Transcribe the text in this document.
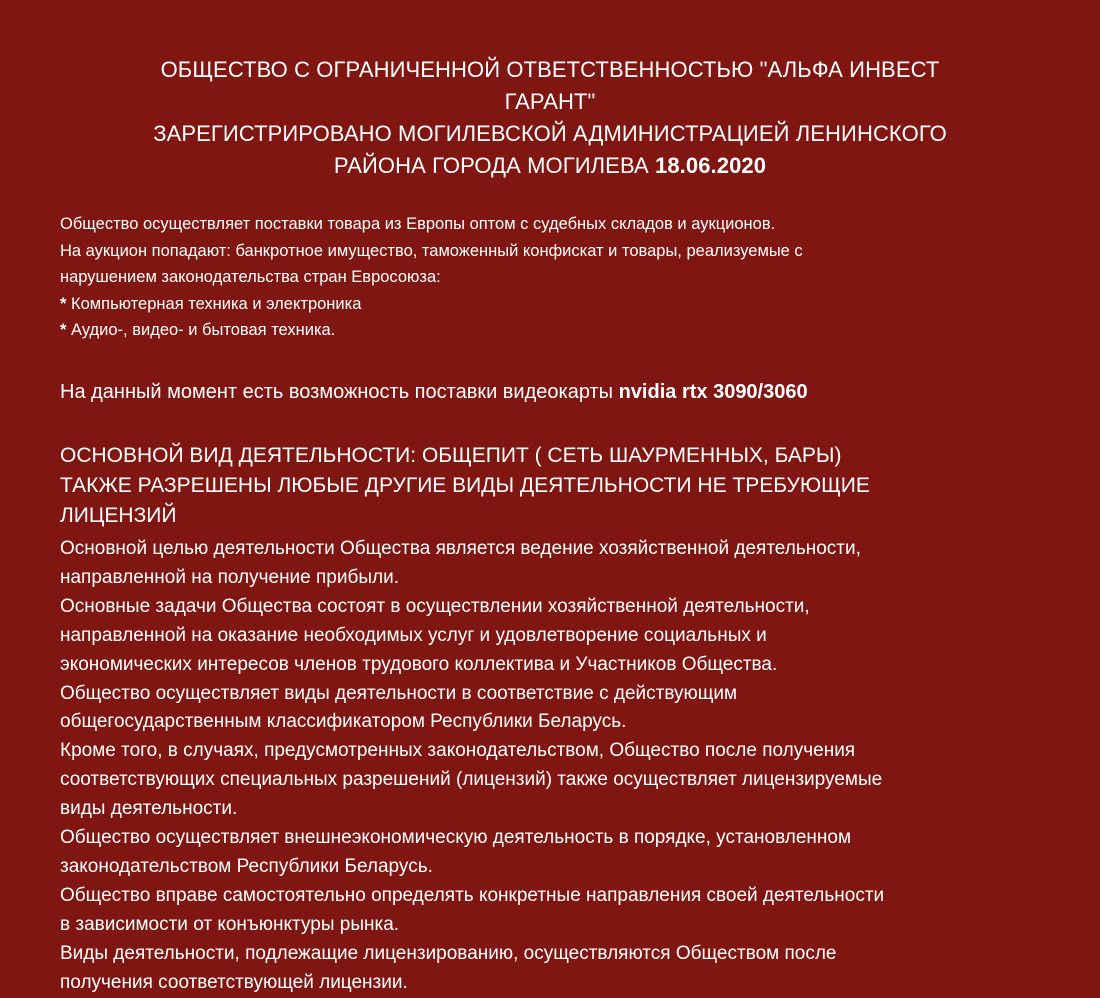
ОБЩЕСТВО С ОГРАНИЧЕННОЙ ОТВЕТСТВЕННОСТЬЮ "АЛЬФА ИНВЕСТ
ГАРАНТ"
ЗАРЕГИСТРИРОВАНО МОГИЛЕВСКОЙ АДМИНИСТРАЦИЕЙ ЛЕНИНСКОГО
РАЙОНА ГОРОДА МОГИЛЕВА 18.06.2020
Общество осуществляет поставки товара из Европы оптом с судебных складов и аукционов.
На аукцион попадают: банкротное имущество, таможенный конфискат и товары, реализуемые с
нарушением законодательства стран Евросоюза:
* Компьютерная техника и электроника
* Аудио-, видео- и бытовая техника.
На данный момент есть возможность поставки видеокарты nvidia rtx 3090/3060
ОСНОВНОЙ ВИД ДЕЯТЕЛЬНОСТИ: ОБЩЕПИТ ( СЕТЬ ШАУРМЕННЫХ, БАРЫ)
ТАКЖЕ РАЗРЕШЕНЫ ЛЮБЫЕ ДРУГИЕ ВИДЫ ДЕЯТЕЛЬНОСТИ НЕ ТРЕБУЮЩИЕ
ЛИЦЕНЗИЙ
Основной целью деятельности Общества является ведение хозяйственной деятельности,
направленной на получение прибыли.
Основные задачи Общества состоят в осуществлении хозяйственной деятельности,
направленной на оказание необходимых услуг и удовлетворение социальных и
экономических интересов членов трудового коллектива и Участников Общества.
Общество осуществляет виды деятельности в соответствие с действующим
общегосударственным классификатором Республики Беларусь.
Кроме того, в случаях, предусмотренных законодательством, Общество после получения
соответствующих специальных разрешений (лицензий) также осуществляет лицензируемые
виды деятельности.
Общество осуществляет внешнеэкономическую деятельность в порядке, установленном
законодательством Республики Беларусь.
Общество вправе самостоятельно определять конкретные направления своей деятельности
в зависимости от конъюнктуры рынка.
Виды деятельности, подлежащие лицензированию, осуществляются Обществом после
получения соответствующей лицензии.
